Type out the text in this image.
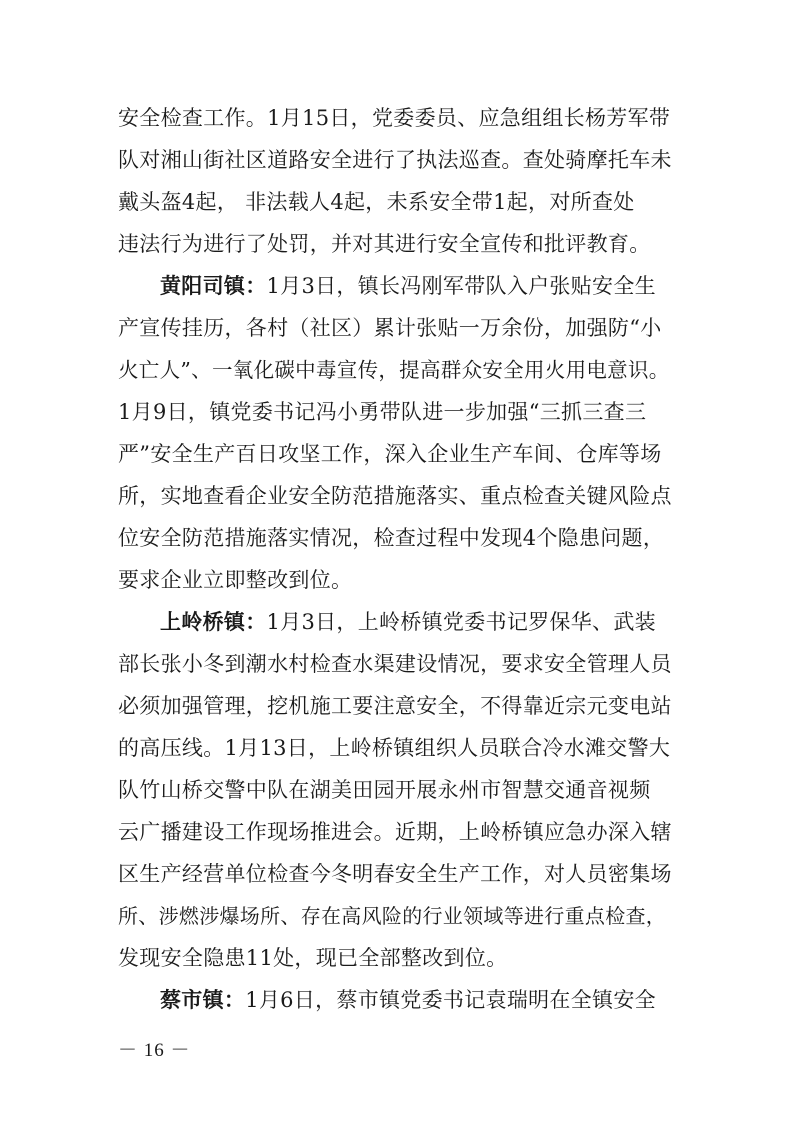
安全检查工作。1月15日，党委委员、应急组组长杨芳军带
队对湘山街社区道路安全进行了执法巡查。查处骑摩托车未
戴头盔4起， 非法载人4起，未系安全带1起，对所查处
违法行为进行了处罚，并对其进行安全宣传和批评教育。
黄阳司镇：1月3日，镇长冯刚军带队入户张贴安全生
产宣传挂历，各村（社区）累计张贴一万余份，加强防“小
火亡人”、一氧化碳中毒宣传，提高群众安全用火用电意识。
1月9日，镇党委书记冯小勇带队进一步加强“三抓三查三
严”安全生产百日攻坚工作，深入企业生产车间、仓库等场
所，实地查看企业安全防范措施落实、重点检查关键风险点
位安全防范措施落实情况，检查过程中发现4个隐患问题，
要求企业立即整改到位。
上岭桥镇：1月3日，上岭桥镇党委书记罗保华、武装
部长张小冬到潮水村检查水渠建设情况，要求安全管理人员
必须加强管理，挖机施工要注意安全，不得靠近宗元变电站
的高压线。1月13日，上岭桥镇组织人员联合冷水滩交警大
队竹山桥交警中队在湖美田园开展永州市智慧交通音视频
云广播建设工作现场推进会。近期，上岭桥镇应急办深入辖
区生产经营单位检查今冬明春安全生产工作，对人员密集场
所、涉燃涉爆场所、存在高风险的行业领域等进行重点检查，
发现安全隐患11处，现已全部整改到位。
蔡市镇：1月6日，蔡市镇党委书记袁瑞明在全镇安全
－ 16 －
